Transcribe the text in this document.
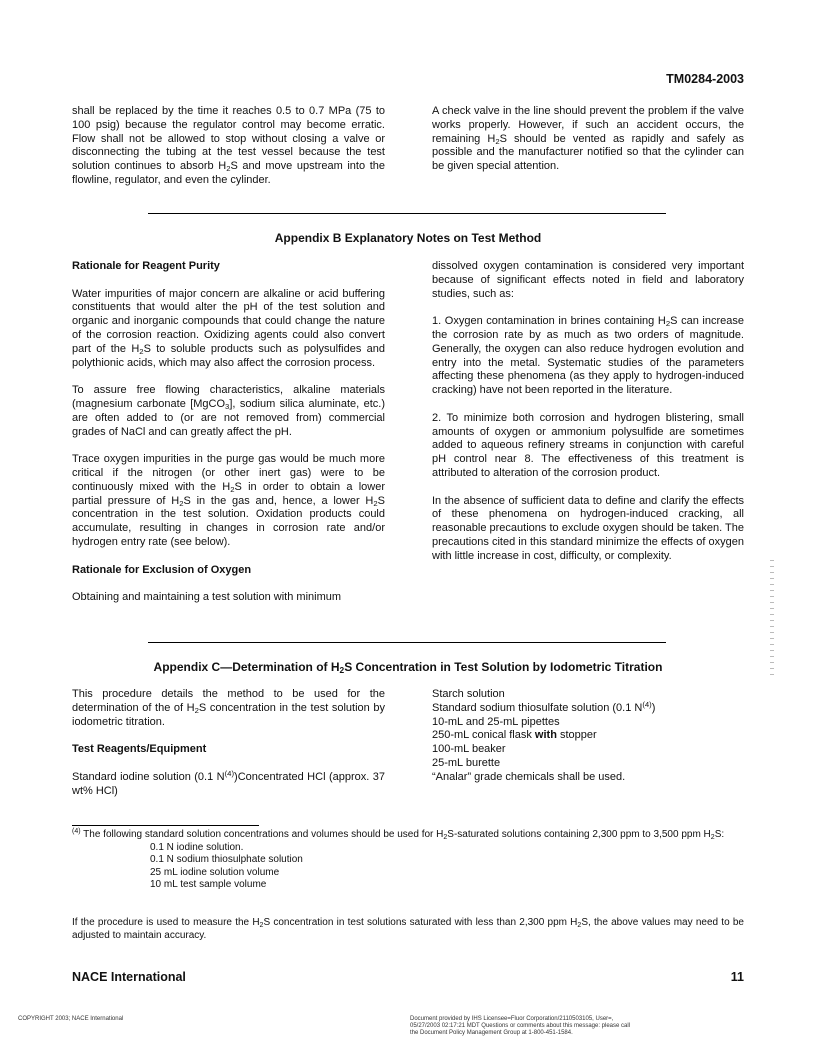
TM0284-2003

shall be replaced by the time it reaches 0.5 to 0.7 MPa (75 to 100 psig) because the regulator control may become erratic. Flow shall not be allowed to stop without closing a valve or disconnecting the tubing at the test vessel because the test solution continues to absorb $H_2S$ and move upstream into the flowline, regulator, and even the cylinder.

A check valve in the line should prevent the problem if the valve works properly. However, if such an accident occurs, the remaining $H_2S$ should be vented as rapidly and safely as possible and the manufacturer notified so that the cylinder can be given special attention.

Appendix B Explanatory Notes on Test Method
Rationale for Reagent Purity

Water impurities of major concern are alkaline or acid buffering constituents that would alter the pH of the test solution and organic and inorganic compounds that could change the nature of the corrosion reaction. Oxidizing agents could also convert part of the $H_2S$ to soluble products such as polysulfides and polythionic acids, which may also affect the corrosion process.

To assure free flowing characteristics, alkaline materials (magnesium carbonate [MgCO$_3$], sodium silica aluminate, etc.) are often added to (or are not removed from) commercial grades of NaCl and can greatly affect the pH.

Trace oxygen impurities in the purge gas would be much more critical if the nitrogen (or other inert gas) were to be continuously mixed with the $H_2S$ in order to obtain a lower partial pressure of $H_2S$ in the gas and, hence, a lower $H_2S$ concentration in the test solution. Oxidation products could accumulate, resulting in changes in corrosion rate and/or hydrogen entry rate (see below).

Rationale for Exclusion of Oxygen

Obtaining and maintaining a test solution with minimum

dissolved oxygen contamination is considered very important because of significant effects noted in field and laboratory studies, such as:

1. Oxygen contamination in brines containing $H_2S$ can increase the corrosion rate by as much as two orders of magnitude. Generally, the oxygen can also reduce hydrogen evolution and entry into the metal. Systematic studies of the parameters affecting these phenomena (as they apply to hydrogen-induced cracking) have not been reported in the literature.

2. To minimize both corrosion and hydrogen blistering, small amounts of oxygen or ammonium polysulfide are sometimes added to aqueous refinery streams in conjunction with careful pH control near 8. The effectiveness of this treatment is attributed to alteration of the corrosion product.

In the absence of sufficient data to define and clarify the effects of these phenomena on hydrogen-induced cracking, all reasonable precautions to exclude oxygen should be taken. The precautions cited in this standard minimize the effects of oxygen with little increase in cost, difficulty, or complexity.

Appendix C—Determination of $H_2S$ Concentration in Test Solution by Iodometric Titration

This procedure details the method to be used for the determination of the of $H_2S$ concentration in the test solution by iodometric titration.

Test Reagents/Equipment

Standard iodine solution (0.1 $N^{(4)})Concentrated$ HCl (approx. 37 wt% HCl)

Starch solution
Standard sodium thiosulfate solution (0.1 $N^{(4)}$)
10-mL and 25-mL pipettes
250-mL conical flask with stopper
100-mL beaker
25-mL burette
“Analar” grade chemicals shall be used.
$^{(4)}$ The following standard solution concentrations and volumes should be used for $H_2S$-saturated solutions containing 2,300 ppm to 3,500 ppm $H_2S$:
0.1 N iodine solution.
0.1 N sodium thiosulphate solution
25 mL iodine solution volume
10 mL test sample volume
If the procedure is used to measure the $H_2S$ concentration in test solutions saturated with less than 2,300 ppm $H_2S$, the above values may need to be adjusted to maintain accuracy.
NACE International	11
COPYRIGHT 2003; NACE International	Document provided by IHS Licensee=Fluor Corporation/2110503105, User=,
05/27/2003 02:17:21 MDT Questions or comments about this message: please call
the Document Policy Management Group at 1-800-451-1584.
